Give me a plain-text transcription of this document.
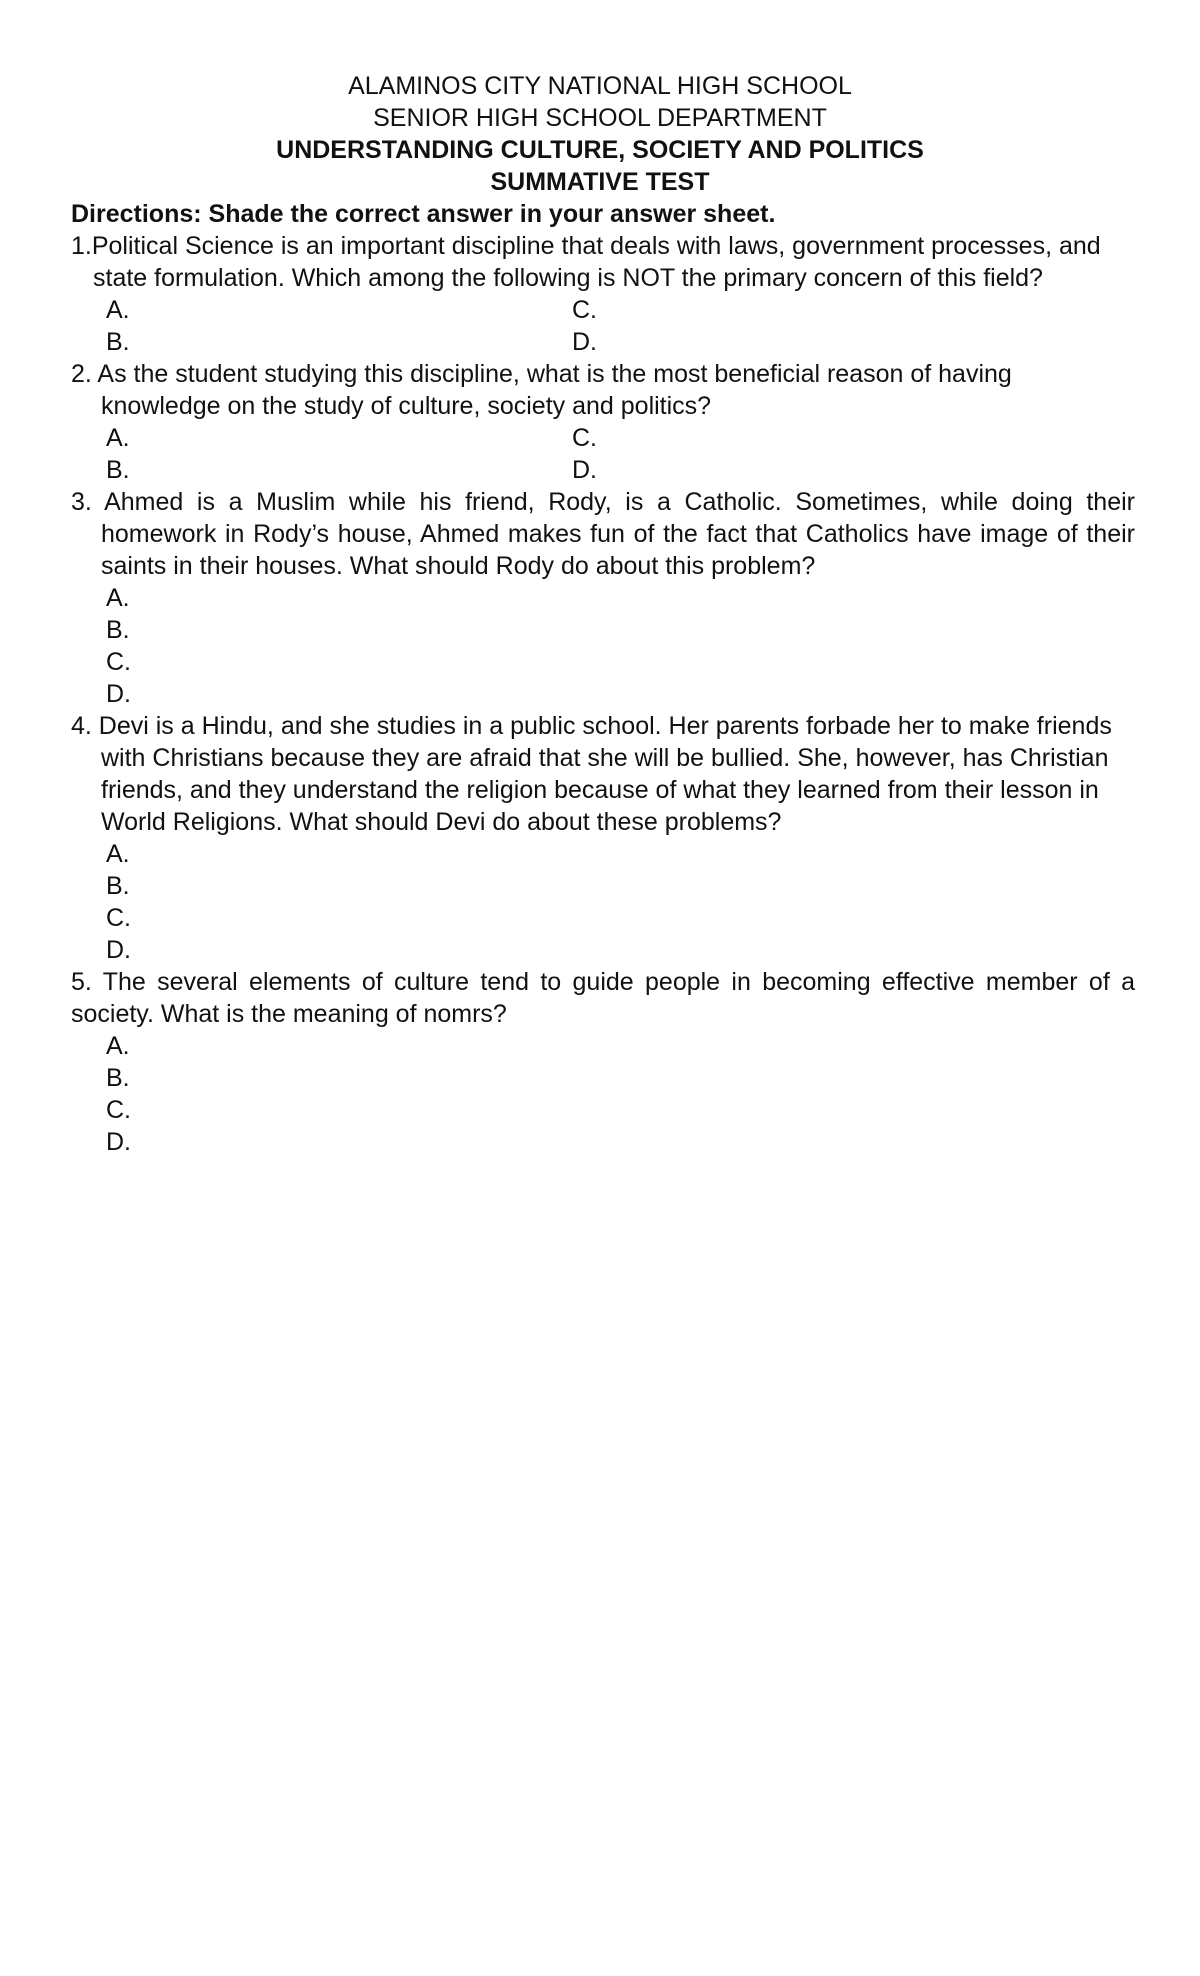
ALAMINOS CITY NATIONAL HIGH SCHOOL
SENIOR HIGH SCHOOL DEPARTMENT
UNDERSTANDING CULTURE, SOCIETY AND POLITICS
SUMMATIVE TEST
Directions: Shade the correct answer in your answer sheet.
1.Political Science is an important discipline that deals with laws, government processes, and state formulation. Which among the following is NOT the primary concern of this field?
A.	C.
B.	D.
2. As the student studying this discipline, what is the most beneficial reason of having knowledge on the study of culture, society and politics?
A.	C.
B.	D.
3. Ahmed is a Muslim while his friend, Rody, is a Catholic. Sometimes, while doing their homework in Rody’s house, Ahmed makes fun of the fact that Catholics have image of their saints in their houses. What should Rody do about this problem?
A.
B.
C.
D.
4. Devi is a Hindu, and she studies in a public school. Her parents forbade her to make friends with Christians because they are afraid that she will be bullied. She, however, has Christian friends, and they understand the religion because of what they learned from their lesson in World Religions. What should Devi do about these problems?
A.
B.
C.
D.
5. The several elements of culture tend to guide people in becoming effective member of a society. What is the meaning of nomrs?
A.
B.
C.
D.
